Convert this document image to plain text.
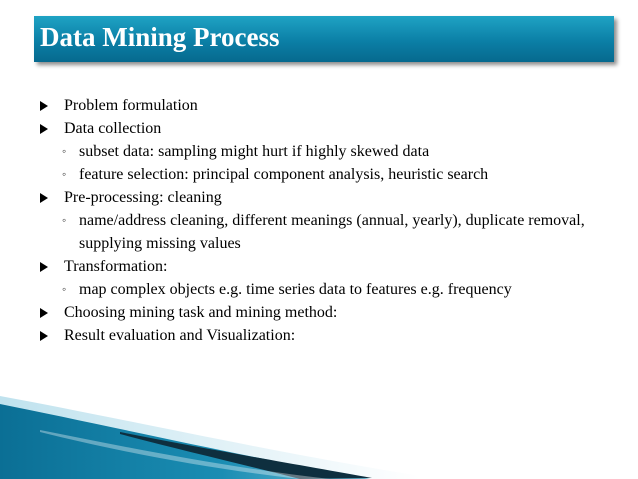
Data Mining Process
Problem formulation
Data collection
◦ subset data: sampling might hurt if highly skewed data
◦ feature selection: principal component analysis, heuristic search
Pre-processing: cleaning
◦ name/address cleaning, different meanings (annual, yearly), duplicate removal, supplying missing values
Transformation:
◦ map complex objects e.g. time series data to features e.g. frequency
Choosing mining task and mining method:
Result evaluation and Visualization:
